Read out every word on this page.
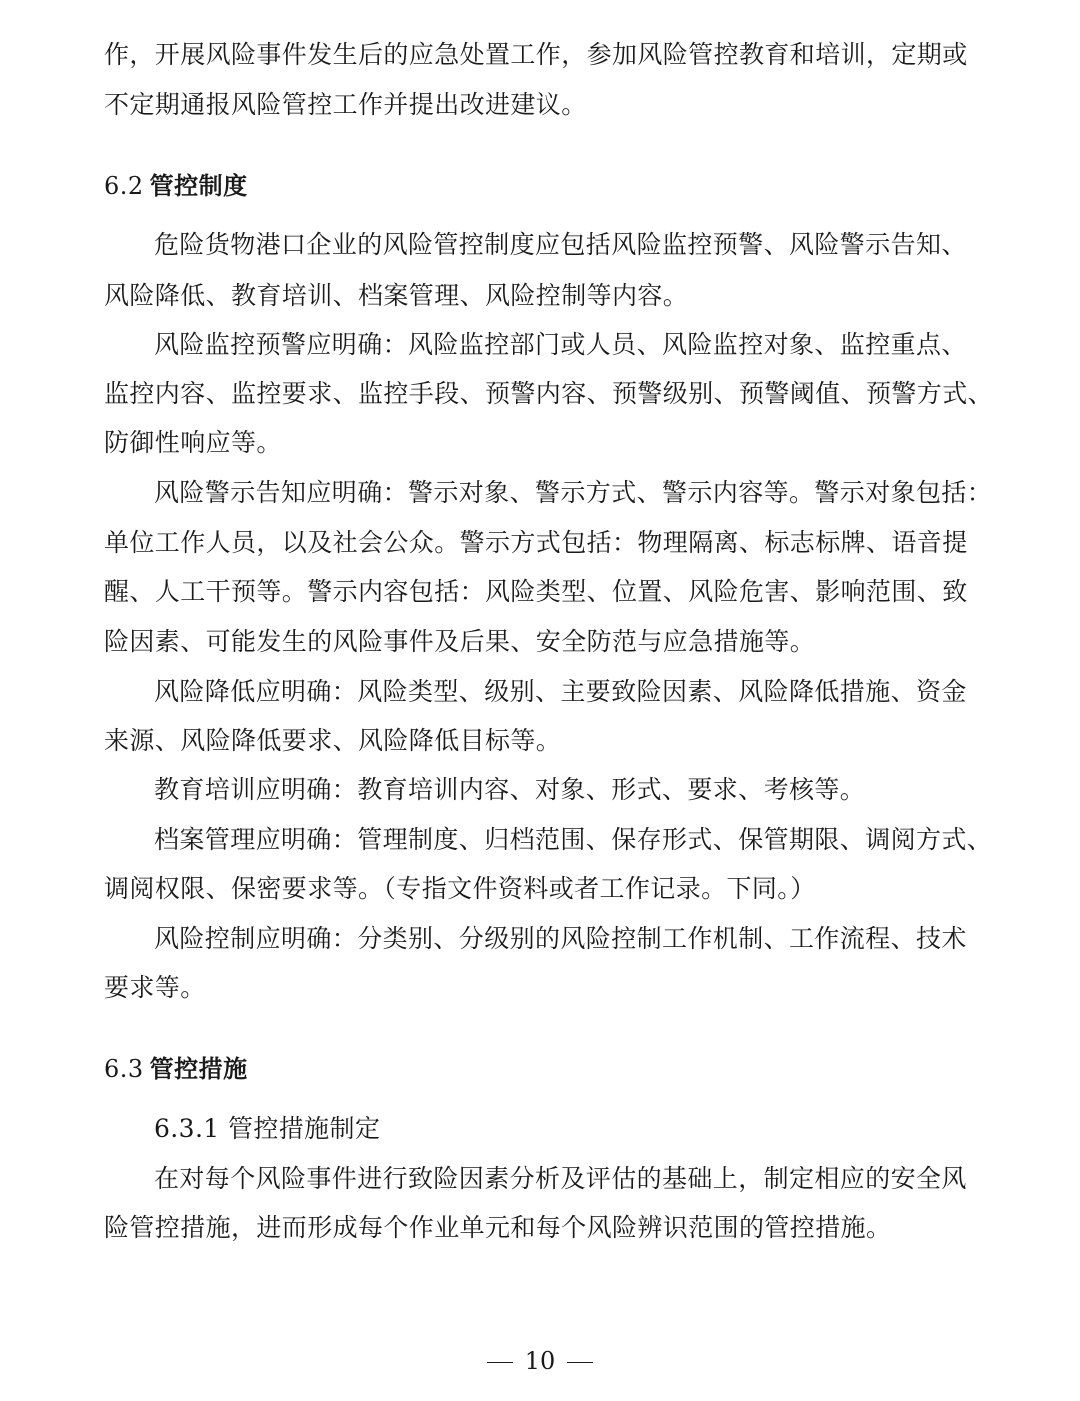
作，开展风险事件发生后的应急处置工作，参加风险管控教育和培训，定期或
不定期通报风险管控工作并提出改进建议。
6.2 管控制度
危险货物港口企业的风险管控制度应包括风险监控预警、风险警示告知、
风险降低、教育培训、档案管理、风险控制等内容。
风险监控预警应明确：风险监控部门或人员、风险监控对象、监控重点、
监控内容、监控要求、监控手段、预警内容、预警级别、预警阈值、预警方式、
防御性响应等。
风险警示告知应明确：警示对象、警示方式、警示内容等。警示对象包括：
单位工作人员，以及社会公众。警示方式包括：物理隔离、标志标牌、语音提
醒、人工干预等。警示内容包括：风险类型、位置、风险危害、影响范围、致
险因素、可能发生的风险事件及后果、安全防范与应急措施等。
风险降低应明确：风险类型、级别、主要致险因素、风险降低措施、资金
来源、风险降低要求、风险降低目标等。
教育培训应明确：教育培训内容、对象、形式、要求、考核等。
档案管理应明确：管理制度、归档范围、保存形式、保管期限、调阅方式、
调阅权限、保密要求等。（专指文件资料或者工作记录。下同。）
风险控制应明确：分类别、分级别的风险控制工作机制、工作流程、技术
要求等。
6.3 管控措施
6.3.1 管控措施制定
在对每个风险事件进行致险因素分析及评估的基础上，制定相应的安全风
险管控措施，进而形成每个作业单元和每个风险辨识范围的管控措施。
10
